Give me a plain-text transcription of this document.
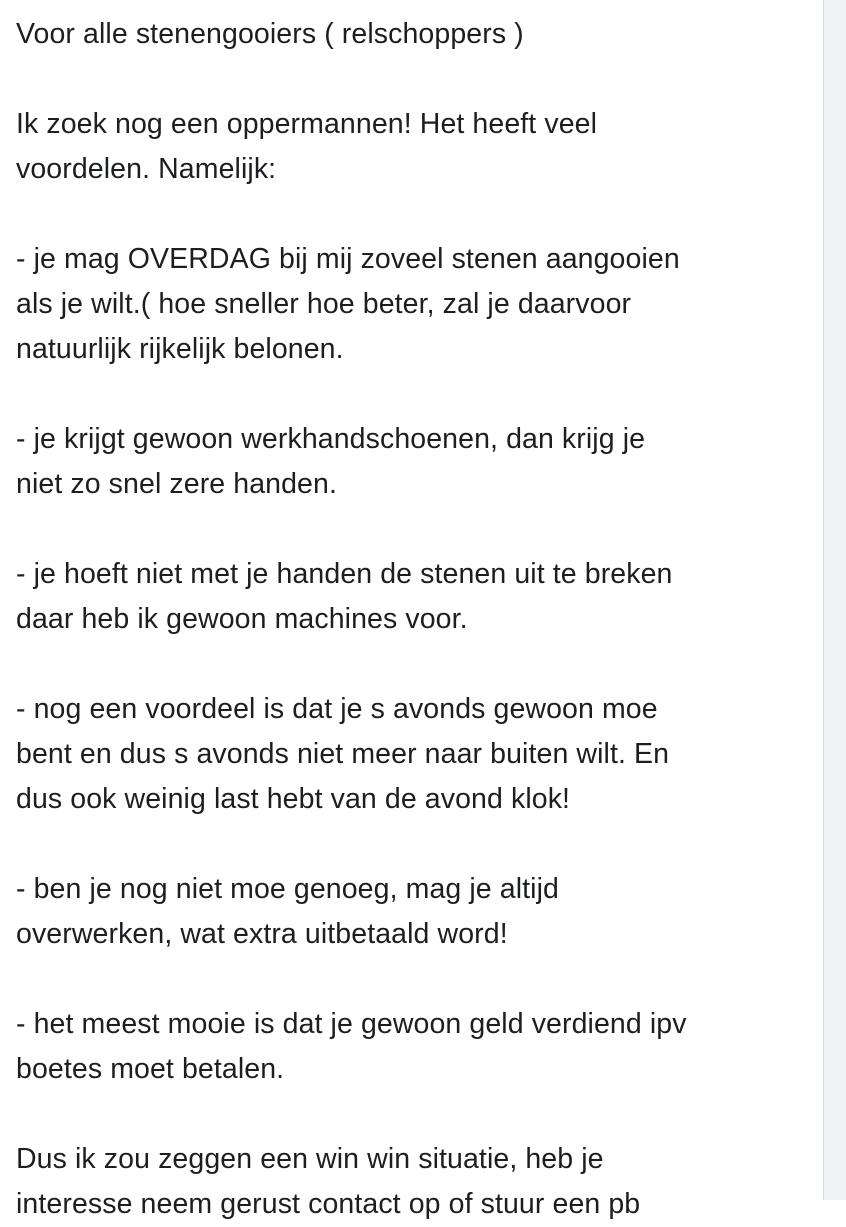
Voor alle stenengooiers ( relschoppers )

Ik zoek nog een oppermannen! Het heeft veel
voordelen. Namelijk:

- je mag OVERDAG bij mij zoveel stenen aangooien
als je wilt.( hoe sneller hoe beter, zal je daarvoor
natuurlijk rijkelijk belonen.

- je krijgt gewoon werkhandschoenen, dan krijg je
niet zo snel zere handen.

- je hoeft niet met je handen de stenen uit te breken
daar heb ik gewoon machines voor.

- nog een voordeel is dat je s avonds gewoon moe
bent en dus s avonds niet meer naar buiten wilt. En
dus ook weinig last hebt van de avond klok!

- ben je nog niet moe genoeg, mag je altijd
overwerken, wat extra uitbetaald word!

- het meest mooie is dat je gewoon geld verdiend ipv
boetes moet betalen.

Dus ik zou zeggen een win win situatie, heb je
interesse neem gerust contact op of stuur een pb
